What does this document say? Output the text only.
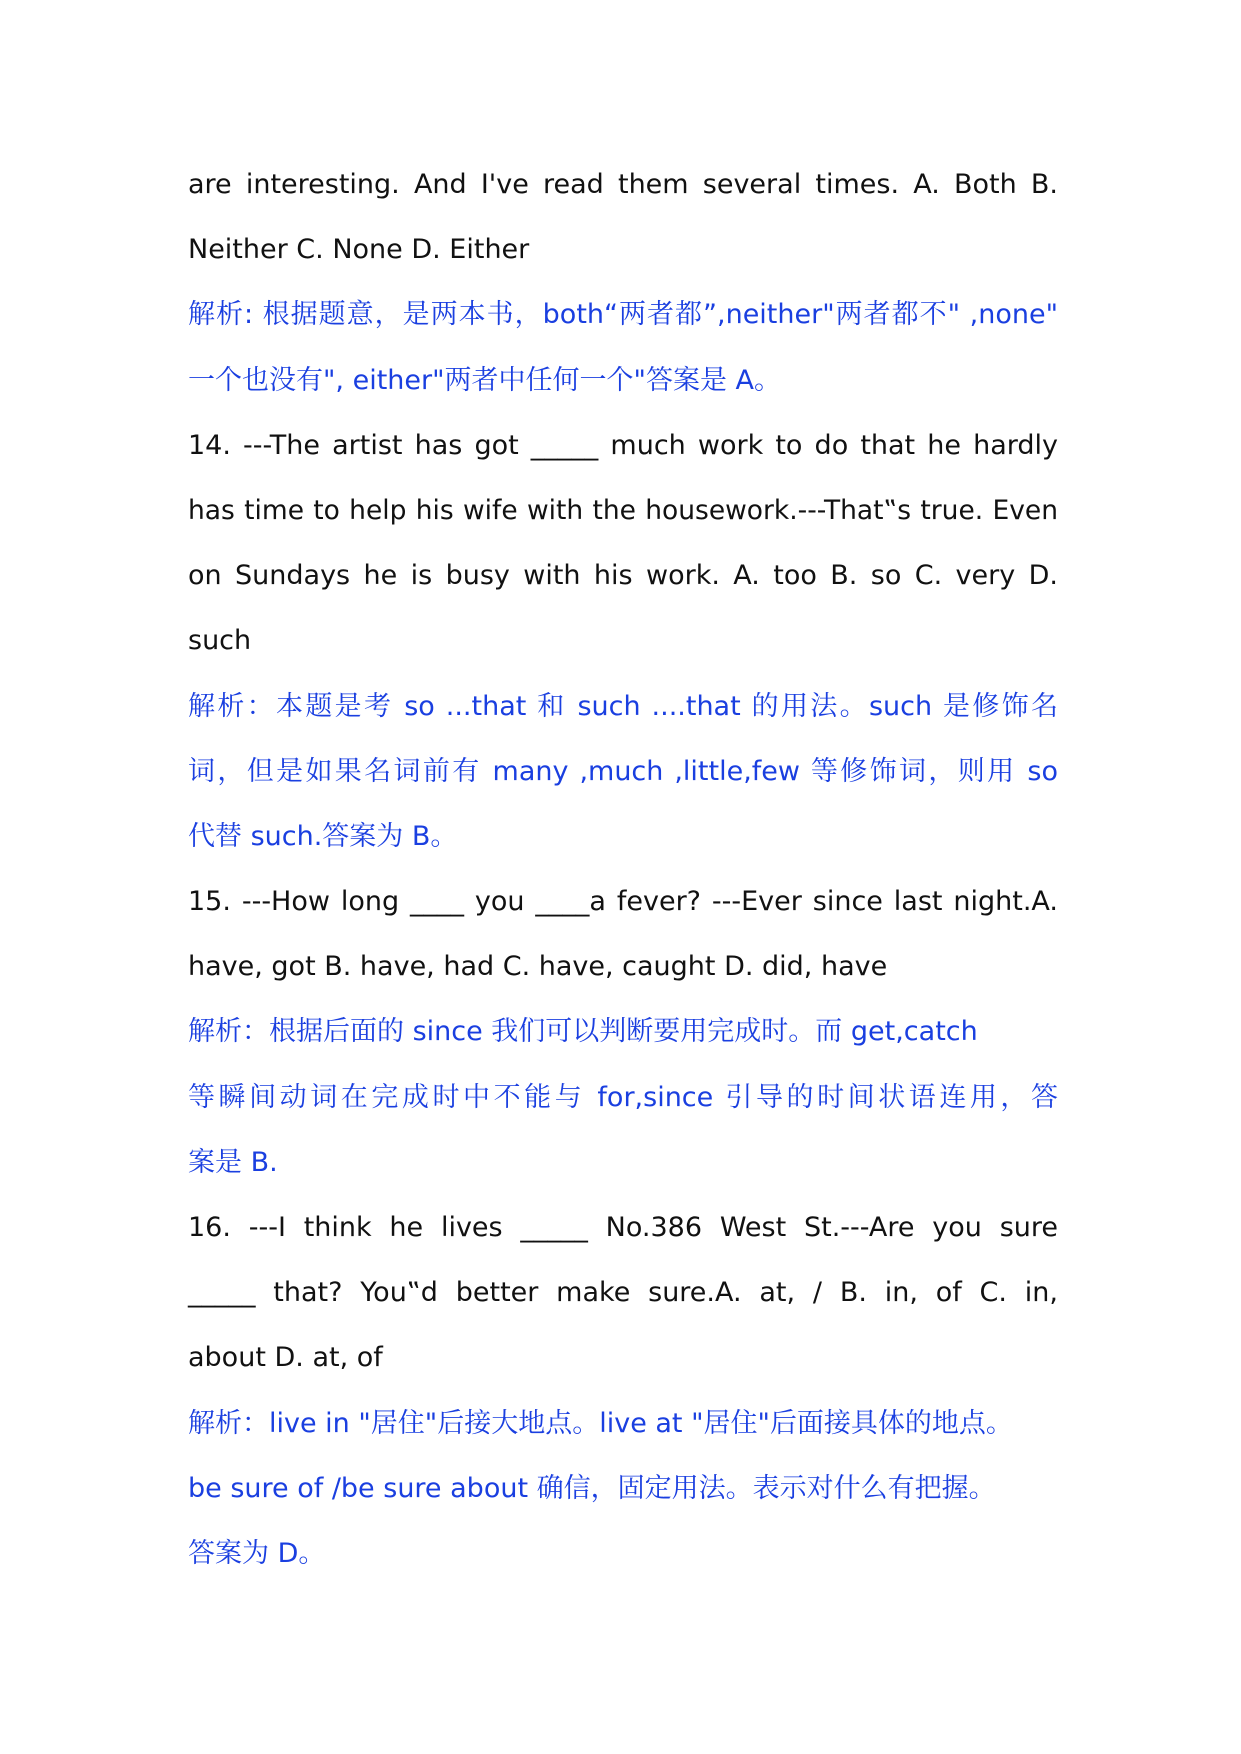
are interesting. And I've read them several times. A. Both B.
Neither C. None D. Either
解析: 根据题意，是两本书，both“两者都”,neither"两者都不" ,none"
一个也没有", either"两者中任何一个"答案是 A。
14. ---The artist has got _____ much work to do that he hardly
has time to help his wife with the housework.---That‟s true. Even
on Sundays he is busy with his work. A. too B. so C. very D.
such
解析：本题是考 so ...that 和 such ....that 的用法。such 是修饰名
词，但是如果名词前有 many ,much ,little,few 等修饰词，则用 so
代替 such.答案为 B。
15. ---How long ____ you ____a fever? ---Ever since last night.A.
have, got B. have, had C. have, caught D. did, have
解析：根据后面的 since 我们可以判断要用完成时。而 get,catch
等瞬间动词在完成时中不能与 for,since 引导的时间状语连用，答
案是 B.
16. ---I think he lives _____ No.386 West St.---Are you sure
_____ that? You‟d better make sure.A. at, / B. in, of C. in,
about D. at, of
解析：live in "居住"后接大地点。live at "居住"后面接具体的地点。
be sure of /be sure about 确信，固定用法。表示对什么有把握。
答案为 D。
